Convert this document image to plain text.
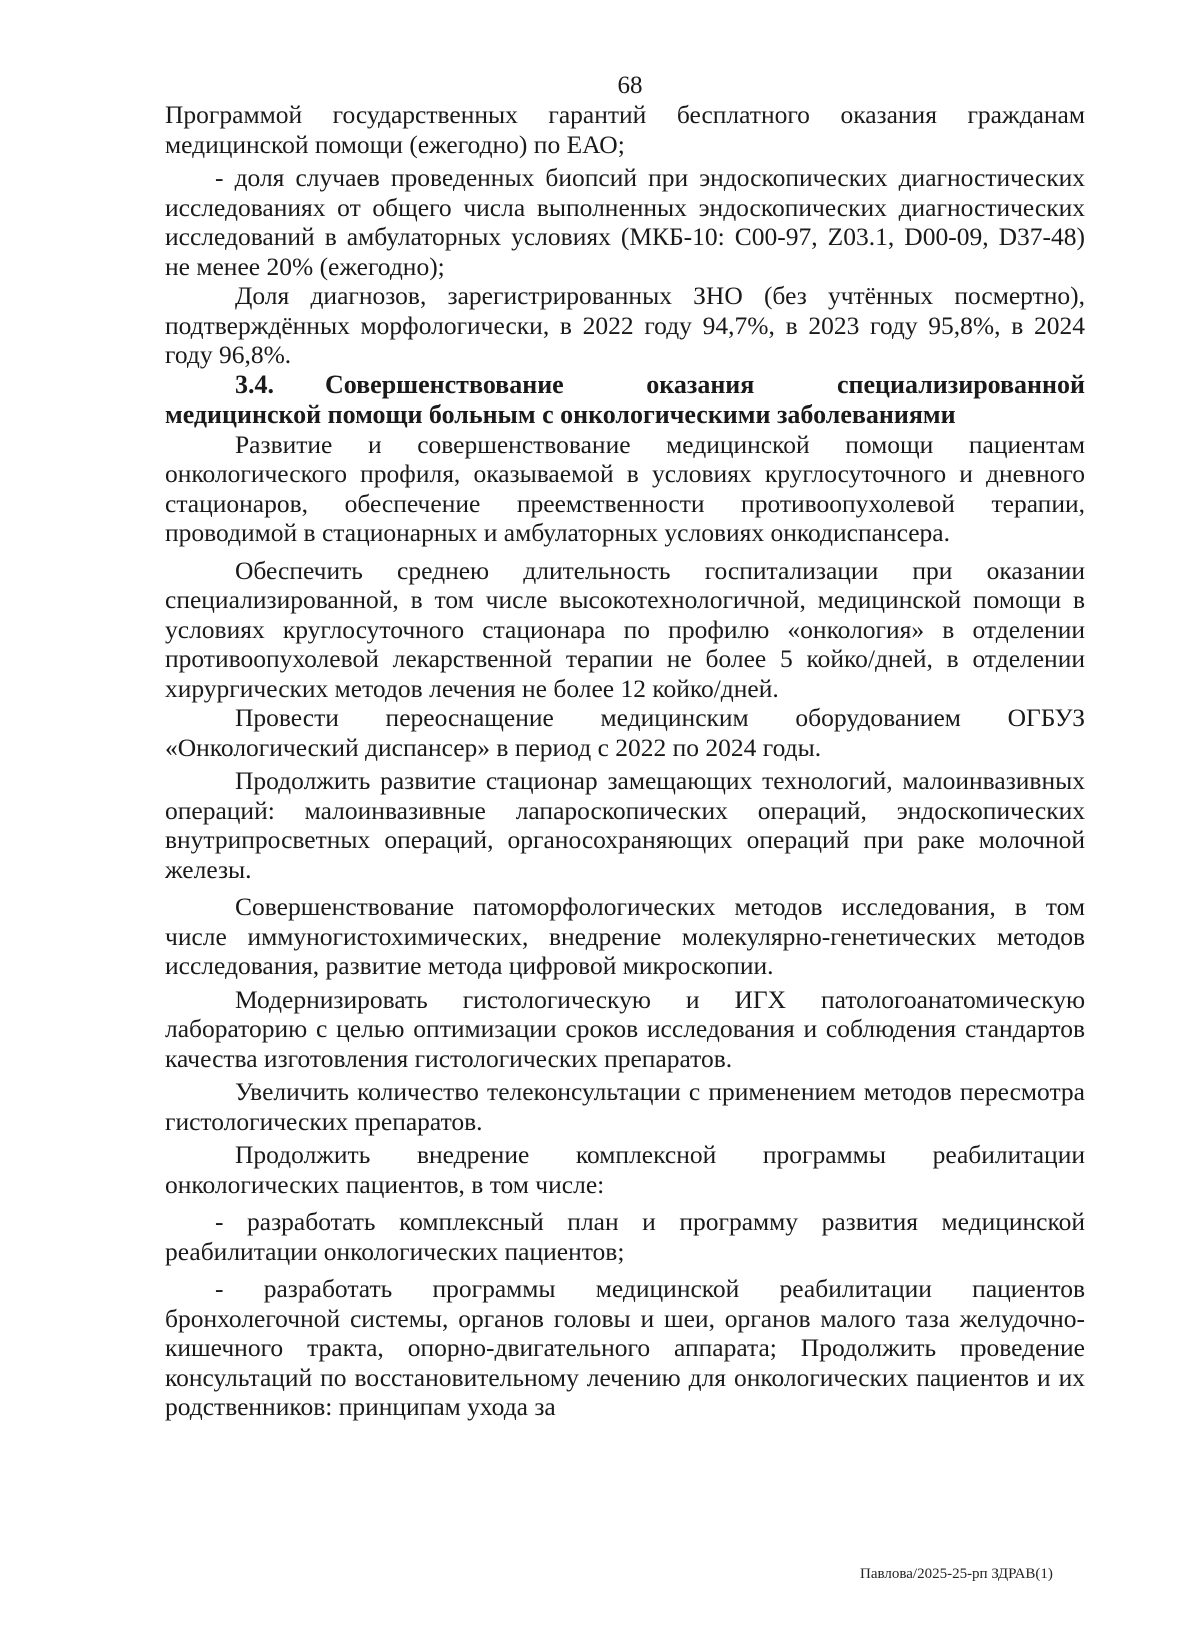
68

Программой государственных гарантий бесплатного оказания гражданам медицинской помощи (ежегодно) по ЕАО;

- доля случаев проведенных биопсий при эндоскопических диагностических исследованиях от общего числа выполненных эндоскопических диагностических исследований в амбулаторных условиях (МКБ-10: C00-97, Z03.1, D00-09, D37-48) не менее 20% (ежегодно);

Доля диагнозов, зарегистрированных ЗНО (без учтённых посмертно), подтверждённых морфологически, в 2022 году 94,7%, в 2023 году 95,8%, в 2024 году 96,8%.

3.4. Совершенствование оказания специализированной медицинской помощи больным с онкологическими заболеваниями

Развитие и совершенствование медицинской помощи пациентам онкологического профиля, оказываемой в условиях круглосуточного и дневного стационаров, обеспечение преемственности противоопухолевой терапии, проводимой в стационарных и амбулаторных условиях онкодиспансера.

Обеспечить среднею длительность госпитализации при оказании специализированной, в том числе высокотехнологичной, медицинской помощи в условиях круглосуточного стационара по профилю «онкология» в отделении противоопухолевой лекарственной терапии не более 5 койко/дней, в отделении хирургических методов лечения не более 12 койко/дней.

Провести переоснащение медицинским оборудованием ОГБУЗ «Онкологический диспансер» в период с 2022 по 2024 годы.

Продолжить развитие стационар замещающих технологий, малоинвазивных операций: малоинвазивные лапароскопических операций, эндоскопических внутрипросветных операций, органосохраняющих операций при раке молочной железы.

Совершенствование патоморфологических методов исследования, в том числе иммуногистохимических, внедрение молекулярно-генетических методов исследования, развитие метода цифровой микроскопии.

Модернизировать гистологическую и ИГХ патологоанатомическую лабораторию с целью оптимизации сроков исследования и соблюдения стандартов качества изготовления гистологических препаратов.

Увеличить количество телеконсультации с применением методов пересмотра гистологических препаратов.

Продолжить внедрение комплексной программы реабилитации онкологических пациентов, в том числе:

- разработать комплексный план и программу развития медицинской реабилитации онкологических пациентов;

- разработать программы медицинской реабилитации пациентов бронхолегочной системы, органов головы и шеи, органов малого таза желудочно-кишечного тракта, опорно-двигательного аппарата; Продолжить проведение консультаций по восстановительному лечению для онкологических пациентов и их родственников: принципам ухода за

Павлова/2025-25-рп ЗДРАВ(1)
